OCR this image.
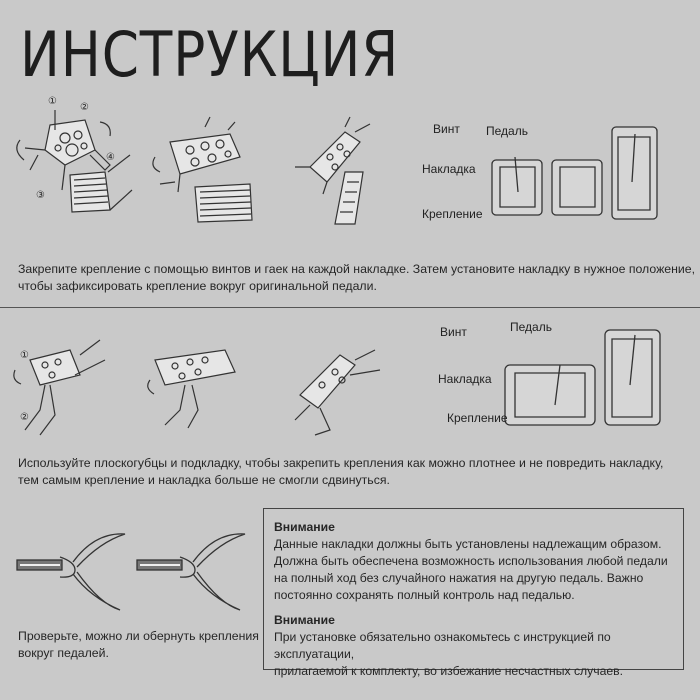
ИНСТРУКЦИЯ
①
②
③
④
Винт Педаль
Накладка
Крепление
Закрепите крепление с помощью винтов и гаек на каждой накладке. Затем установите накладку в нужное положение,
чтобы зафиксировать крепление вокруг оригинальной педали.
①
②
Винт	Педаль
Накладка
Крепление
Используйте плоскогубцы и подкладку, чтобы закрепить крепления как можно плотнее и не повредить накладку,
тем самым крепление и накладка больше не смогли сдвинуться.
Проверьте, можно ли обернуть крепления
вокруг педалей.
Внимание
Данные накладки должны быть установлены надлежащим образом.
Должна быть обеспечена возможность использования любой педали
на полный ход без случайного нажатия на другую педаль. Важно
постоянно сохранять полный контроль над педалью.
Внимание
При установке обязательно ознакомьтесь с инструкцией по эксплуатации,
прилагаемой к комплекту, во избежание несчастных случаев.
